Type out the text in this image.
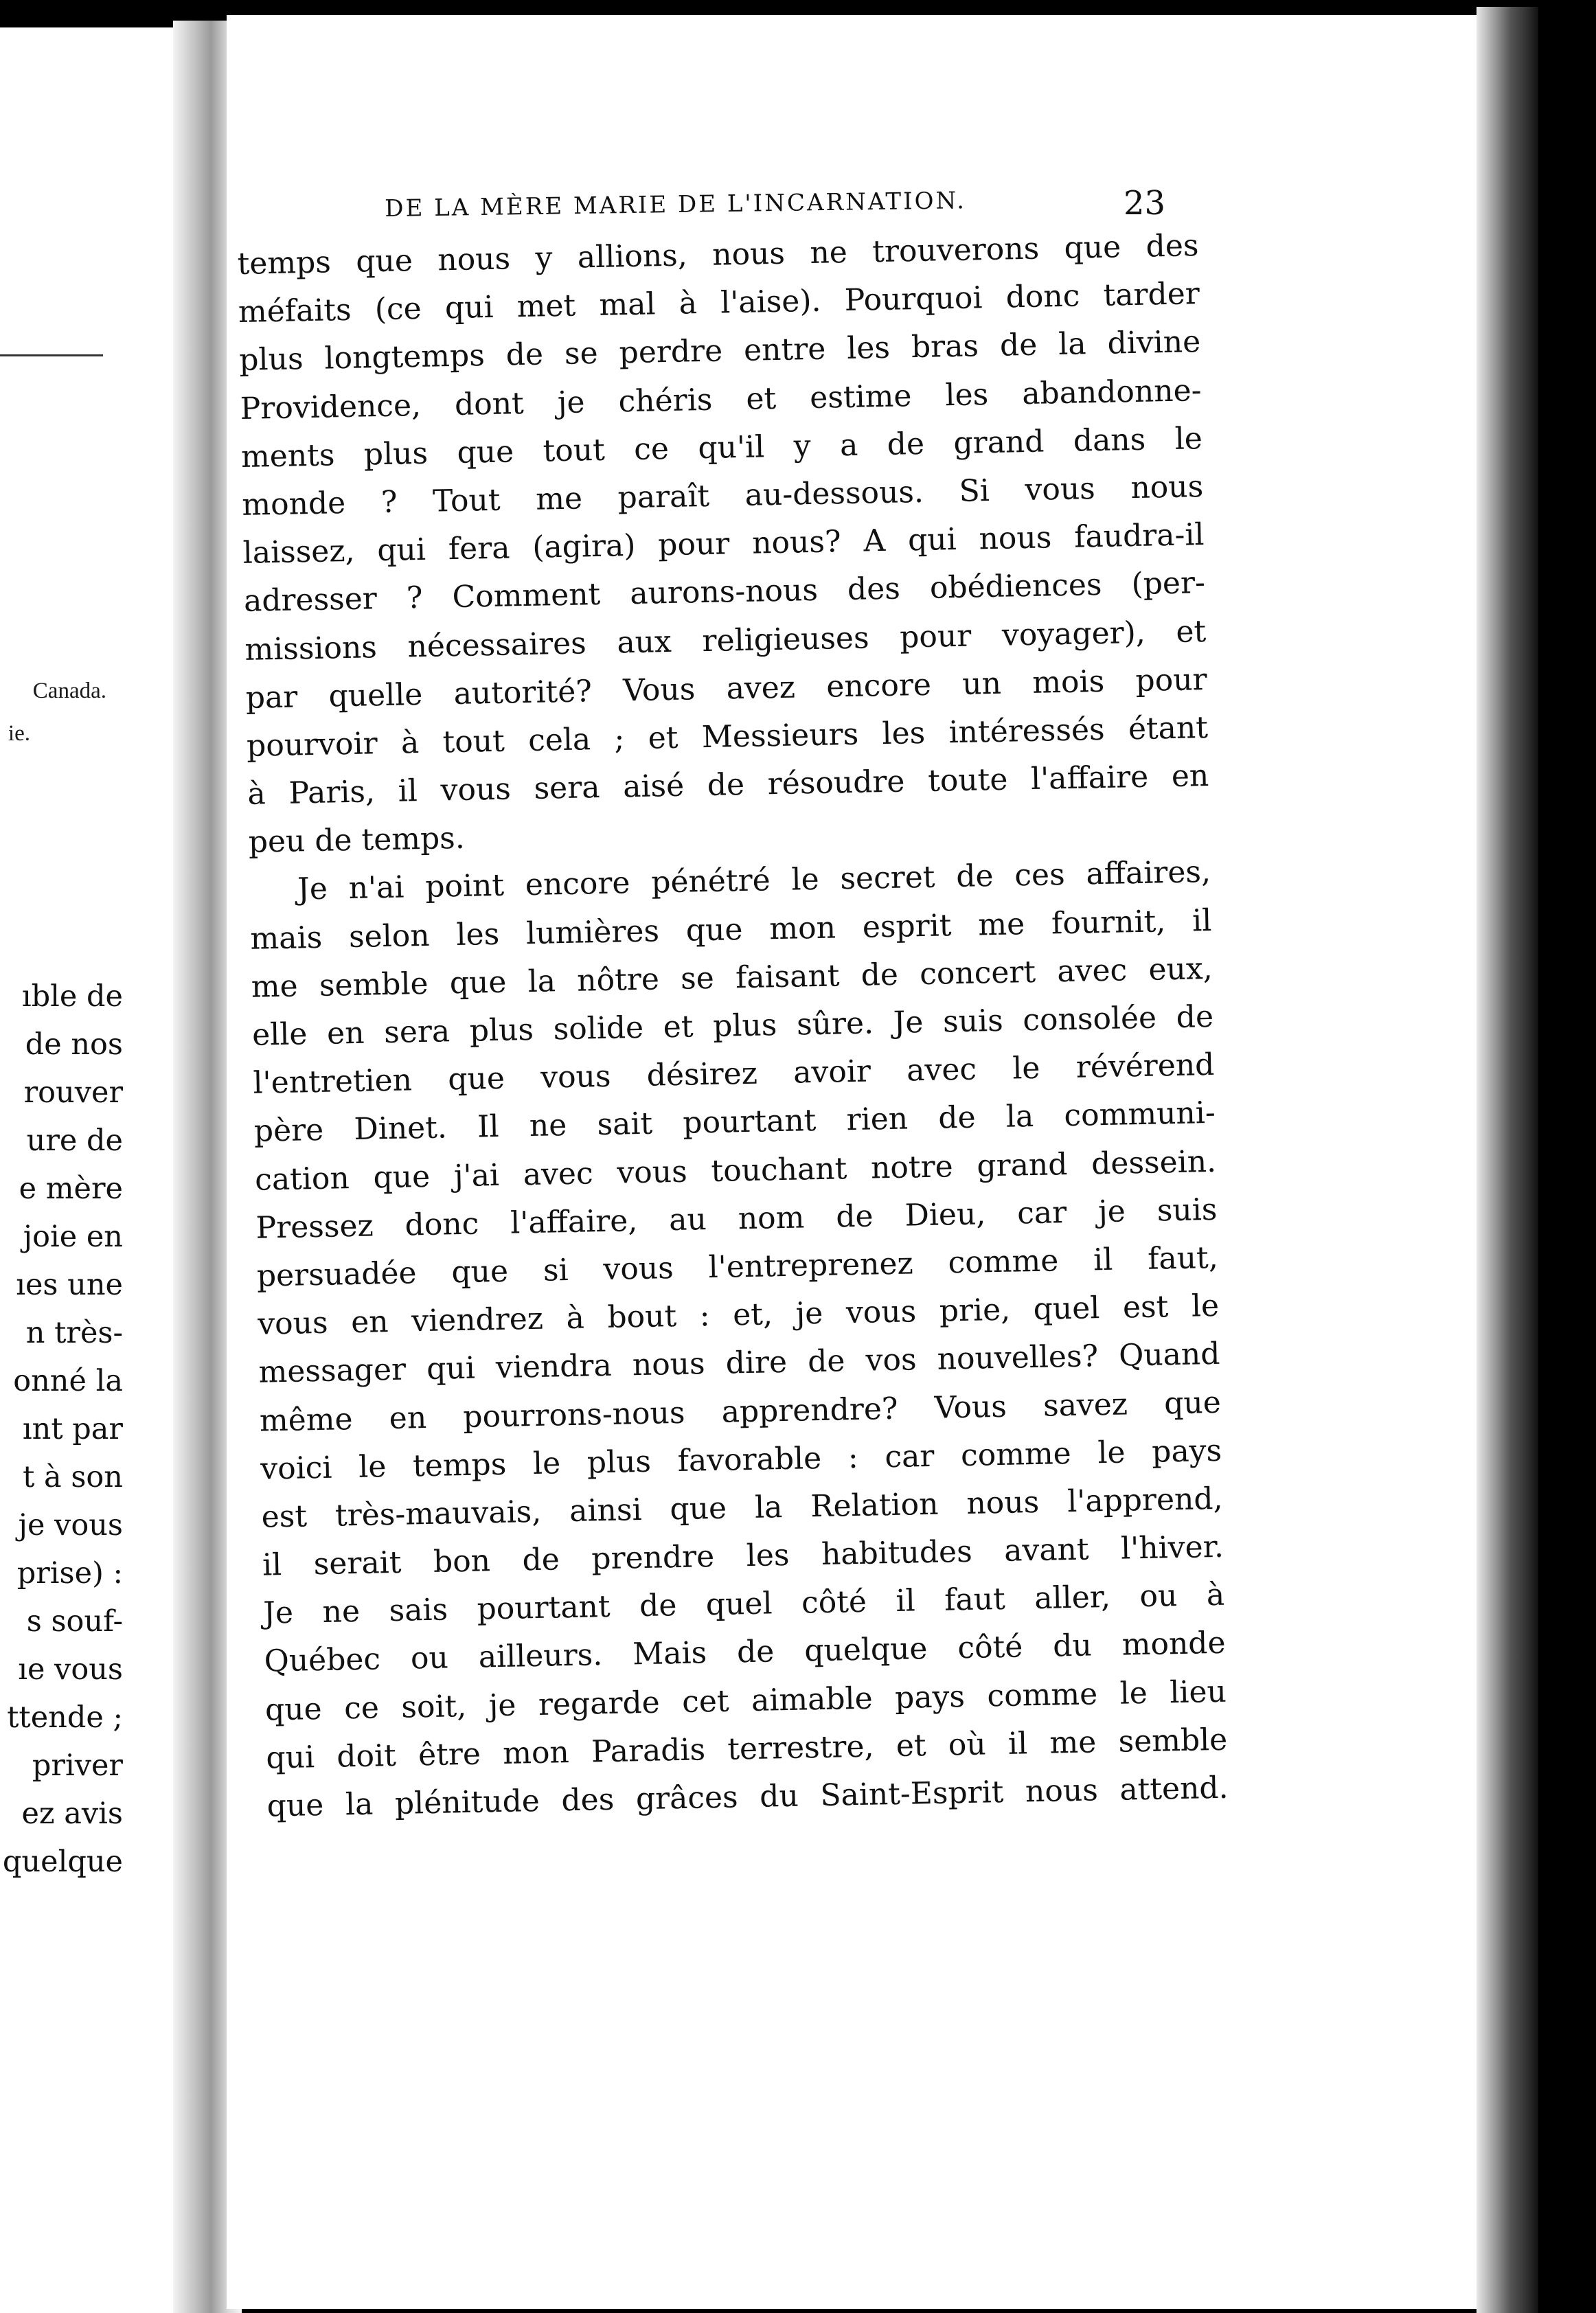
Canada.
ie.
ıble de
de nos
rouver
ure de
e mère
joie en
ıes une
n très-
onné la
ınt par
t à son
je vous
prise) :
s souf-
ıe vous
ttende ;
priver
ez avis
quelque
DE LA MÈRE MARIE DE L'INCARNATION.	23
temps que nous y allions, nous ne trouverons que des
méfaits (ce qui met mal à l'aise). Pourquoi donc tarder
plus longtemps de se perdre entre les bras de la divine
Providence, dont je chéris et estime les abandonne-
ments plus que tout ce qu'il y a de grand dans le
monde ? Tout me paraît au-dessous. Si vous nous
laissez, qui fera (agira) pour nous? A qui nous faudra-il
adresser ? Comment aurons-nous des obédiences (per-
missions nécessaires aux religieuses pour voyager), et
par quelle autorité? Vous avez encore un mois pour
pourvoir à tout cela ; et Messieurs les intéressés étant
à Paris, il vous sera aisé de résoudre toute l'affaire en
peu de temps.
Je n'ai point encore pénétré le secret de ces affaires,
mais selon les lumières que mon esprit me fournit, il
me semble que la nôtre se faisant de concert avec eux,
elle en sera plus solide et plus sûre. Je suis consolée de
l'entretien que vous désirez avoir avec le révérend
père Dinet. Il ne sait pourtant rien de la communi-
cation que j'ai avec vous touchant notre grand dessein.
Pressez donc l'affaire, au nom de Dieu, car je suis
persuadée que si vous l'entreprenez comme il faut,
vous en viendrez à bout : et, je vous prie, quel est le
messager qui viendra nous dire de vos nouvelles? Quand
même en pourrons-nous apprendre? Vous savez que
voici le temps le plus favorable : car comme le pays
est très-mauvais, ainsi que la Relation nous l'apprend,
il serait bon de prendre les habitudes avant l'hiver.
Je ne sais pourtant de quel côté il faut aller, ou à
Québec ou ailleurs. Mais de quelque côté du monde
que ce soit, je regarde cet aimable pays comme le lieu
qui doit être mon Paradis terrestre, et où il me semble
que la plénitude des grâces du Saint-Esprit nous attend.
